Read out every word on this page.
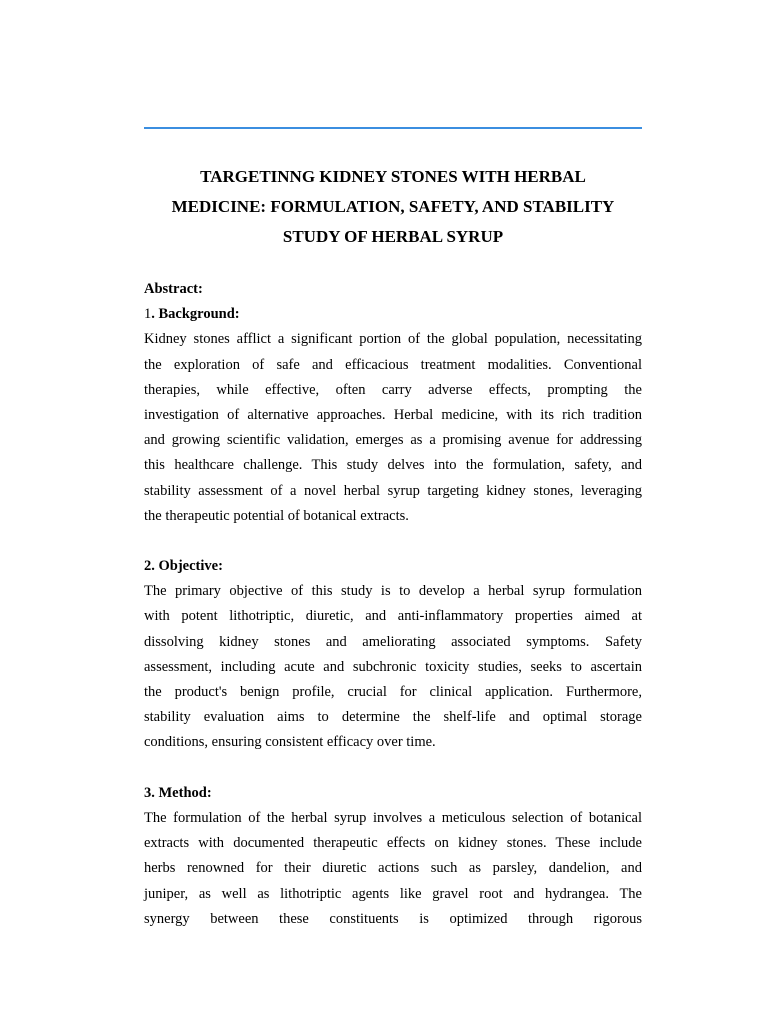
TARGETINNG KIDNEY STONES WITH HERBAL
MEDICINE: FORMULATION, SAFETY, AND STABILITY
STUDY OF HERBAL SYRUP
Abstract:
1. Background:
Kidney stones afflict a significant portion of the global population, necessitating
the exploration of safe and efficacious treatment modalities. Conventional
therapies, while effective, often carry adverse effects, prompting the
investigation of alternative approaches. Herbal medicine, with its rich tradition
and growing scientific validation, emerges as a promising avenue for addressing
this healthcare challenge. This study delves into the formulation, safety, and
stability assessment of a novel herbal syrup targeting kidney stones, leveraging
the therapeutic potential of botanical extracts.
2. Objective:
The primary objective of this study is to develop a herbal syrup formulation
with potent lithotriptic, diuretic, and anti-inflammatory properties aimed at
dissolving kidney stones and ameliorating associated symptoms. Safety
assessment, including acute and subchronic toxicity studies, seeks to ascertain
the product's benign profile, crucial for clinical application. Furthermore,
stability evaluation aims to determine the shelf-life and optimal storage
conditions, ensuring consistent efficacy over time.
3. Method:
The formulation of the herbal syrup involves a meticulous selection of botanical
extracts with documented therapeutic effects on kidney stones. These include
herbs renowned for their diuretic actions such as parsley, dandelion, and
juniper, as well as lithotriptic agents like gravel root and hydrangea. The
synergy between these constituents is optimized through rigorous
